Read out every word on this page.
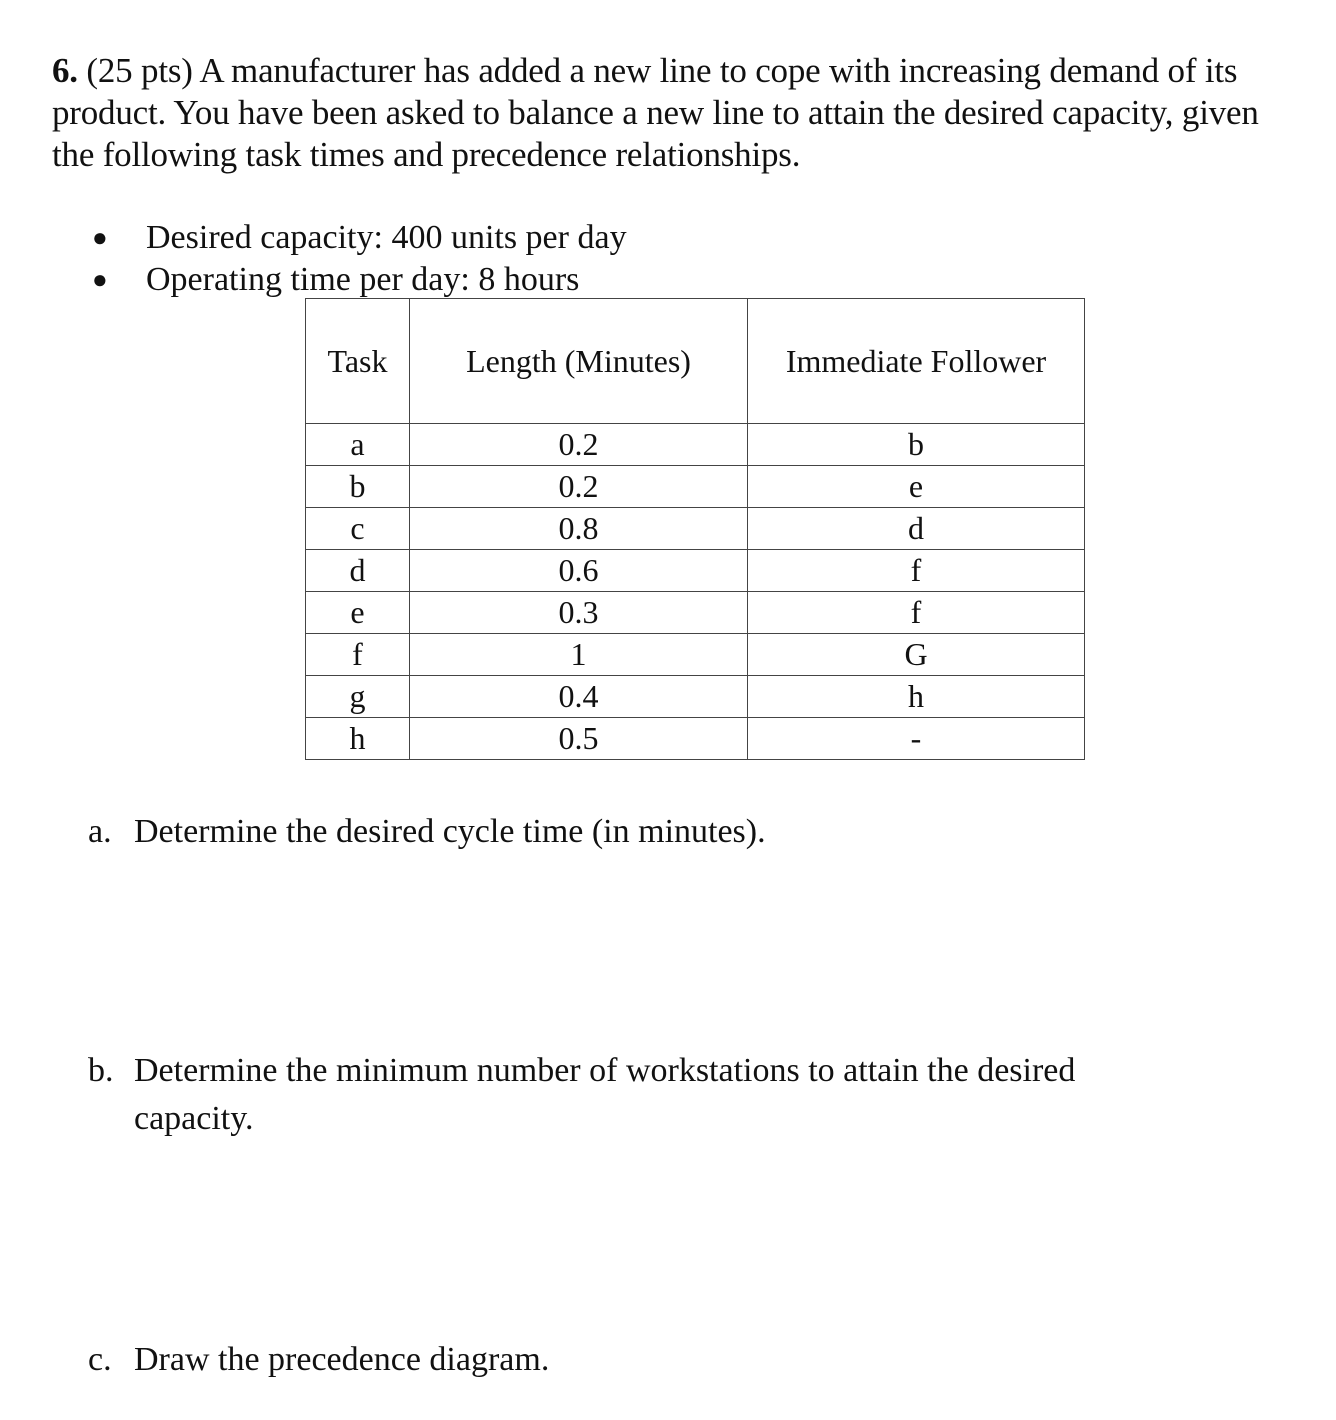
6. (25 pts) A manufacturer has added a new line to cope with increasing demand of its product. You have been asked to balance a new line to attain the desired capacity, given the following task times and precedence relationships.
● Desired capacity: 400 units per day
● Operating time per day: 8 hours
Task	Length (Minutes)	Immediate Follower
a	0.2	b
b	0.2	e
c	0.8	d
d	0.6	f
e	0.3	f
f	1	G
g	0.4	h
h	0.5	-
a. Determine the desired cycle time (in minutes).
b. Determine the minimum number of workstations to attain the desired
capacity.
c. Draw the precedence diagram.
